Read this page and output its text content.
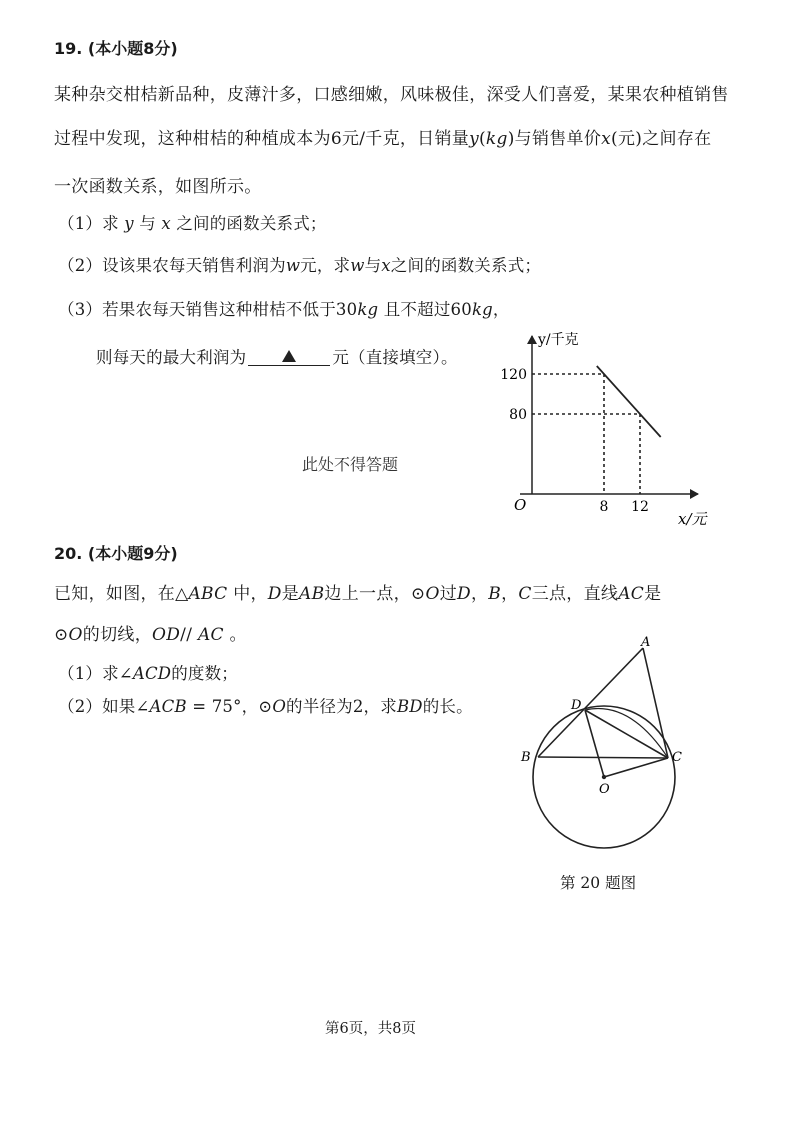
19. (本小题8分)
某种杂交柑桔新品种，皮薄汁多，口感细嫩，风味极佳，深受人们喜爱，某果农种植销售
过程中发现，这种柑桔的种植成本为6元/千克，日销量y(kg)与销售单价x(元)之间存在
一次函数关系，如图所示。
（1）求 y 与 x 之间的函数关系式；
（2）设该果农每天销售利润为w元，求w与x之间的函数关系式；
（3）若果农每天销售这种柑桔不低于30kg 且不超过60kg，
则每天的最大利润为	元（直接填空）。
此处不得答题
y/千克
x/元
O
120
80
8 12
20. (本小题9分)
已知，如图，在△ABC 中，D是AB边上一点，⊙O过D，B，C三点，直线AC是
⊙O的切线，OD// AC 。
（1）求∠ACD的度数；
（2）如果∠ACB = 75°，⊙O的半径为2，求BD的长。
A
D
B	C
O
第 20 题图
第6页，共8页
